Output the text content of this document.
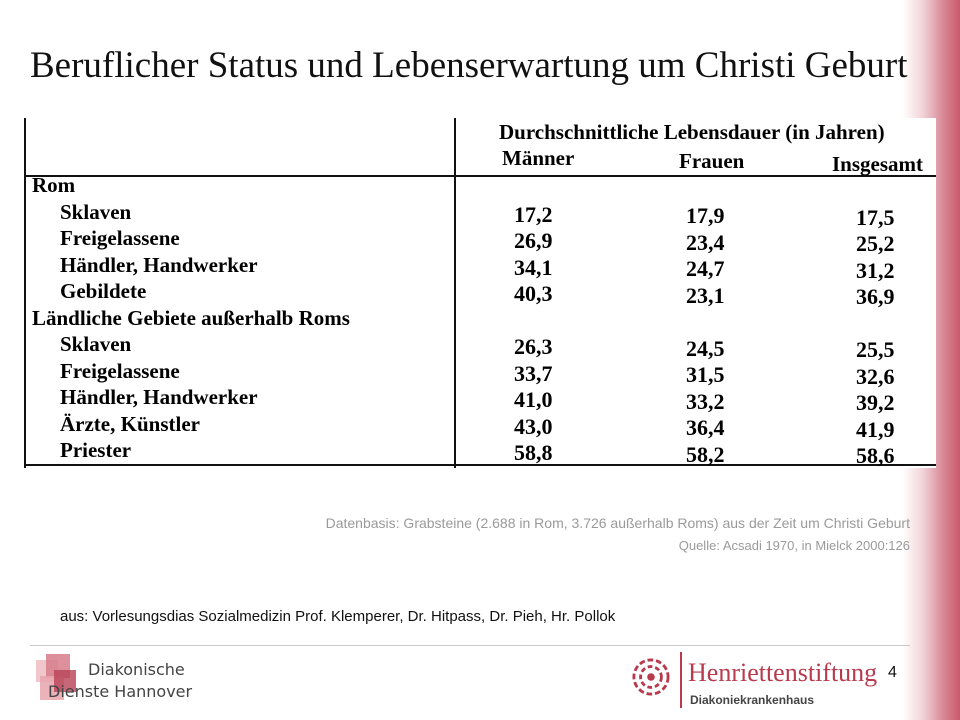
Beruflicher Status und Lebenserwartung um Christi Geburt
Durchschnittliche Lebensdauer (in Jahren)
Männer	Frauen	Insgesamt
Rom
Sklaven	17,2	17,9	17,5
Freigelassene	26,9	23,4	25,2
Händler, Handwerker	34,1	24,7	31,2
Gebildete	40,3	23,1	36,9
Ländliche Gebiete außerhalb Roms
Sklaven	26,3	24,5	25,5
Freigelassene	33,7	31,5	32,6
Händler, Handwerker	41,0	33,2	39,2
Ärzte, Künstler	43,0	36,4	41,9
Priester	58,8	58,2	58,6
Datenbasis: Grabsteine (2.688 in Rom, 3.726 außerhalb Roms) aus der Zeit um Christi Geburt
Quelle: Acsadi 1970, in Mielck 2000:126
aus: Vorlesungsdias Sozialmedizin Prof. Klemperer, Dr. Hitpass, Dr. Pieh, Hr. Pollok
Diakonische
Dienste Hannover
4
Henriettenstiftung
Diakoniekrankenhaus
